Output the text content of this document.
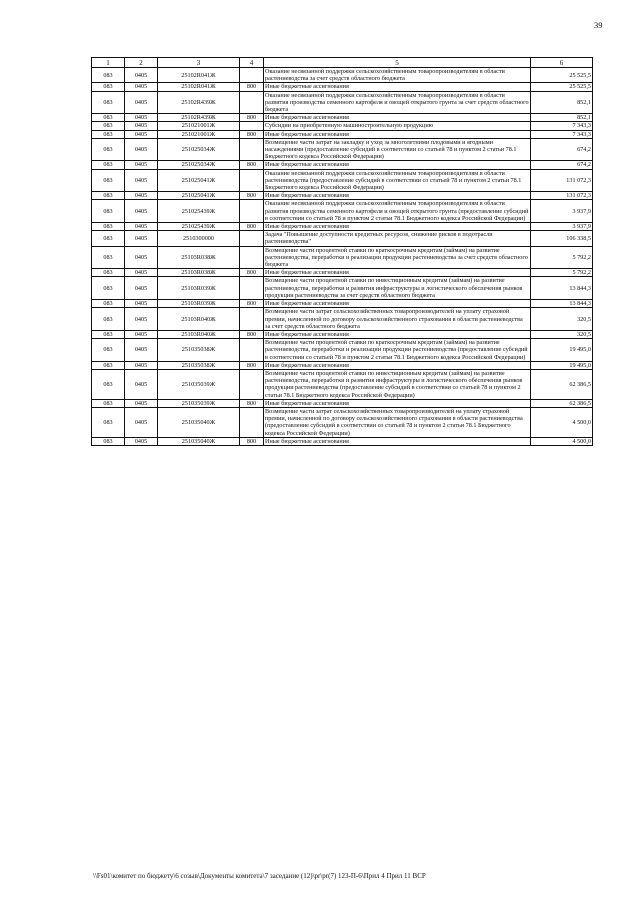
39
1	2	3	4	5	6
083	0405	25102R041Ж		Оказание несвязанной поддержки сельскохозяйственным товаропроизводителям в области растениеводства за счет средств областного бюджета	25 525,5
083	0405	25102R041Ж	800	Иные бюджетные ассигнования	25 525,5
083	0405	25102R439Ж		Оказание несвязанной поддержки сельскохозяйственным товаропроизводителям в области развития производства семенного картофеля и овощей открытого грунта за счет средств областного бюджета	852,1
083	0405	25102R439Ж	800	Иные бюджетные ассигнования	852,1
083	0405	251021001Ж		Субсидии на приобретенную машиностроительную продукцию	7 343,3
083	0405	251021001Ж	800	Иные бюджетные ассигнования	7 343,3
083	0405	251025034Ж		Возмещение части затрат на закладку и уход за многолетними плодовыми и ягодными насаждениями (предоставление субсидий в соответствии со статьей 78 и пунктом 2 статьи 78.1 Бюджетного кодекса Российской Федерации)	674,2
083	0405	251025034Ж	800	Иные бюджетные ассигнования	674,2
083	0405	251025041Ж		Оказание несвязанной поддержки сельскохозяйственным товаропроизводителям в области растениеводства (предоставление субсидий в соответствии со статьей 78 и пунктом 2 статьи 78.1 Бюджетного кодекса Российской Федерации)	131 072,3
083	0405	251025041Ж	800	Иные бюджетные ассигнования	131 072,3
083	0405	251025439Ж		Оказание несвязанной поддержки сельскохозяйственным товаропроизводителям в области развития производства семенного картофеля и овощей открытого грунта (предоставление субсидий в соответствии со статьей 78 и пунктом 2 статьи 78.1 Бюджетного кодекса Российской Федерации)	3 937,9
083	0405	251025439Ж	800	Иные бюджетные ассигнования	3 937,9
083	0405	2510300000		Задача "Повышение доступности кредитных ресурсов, снижение рисков в подотрасли растениеводства"	106 338,5
083	0405	25103R038Ж		Возмещение части процентной ставки по краткосрочным кредитам (займам) на развитие растениеводства, переработки и реализации продукции растениеводства за счет средств областного бюджета	5 792,2
083	0405	25103R038Ж	800	Иные бюджетные ассигнования	5 792,2
083	0405	25103R039Ж		Возмещение части процентной ставки по инвестиционным кредитам (займам) на развитие растениеводства, переработки и развития инфраструктуры и логистического обеспечения рынков продукции растениеводства за счет средств областного бюджета	13 844,3
083	0405	25103R039Ж	800	Иные бюджетные ассигнования	13 844,3
083	0405	25103R040Ж		Возмещение части затрат сельскохозяйственных товаропроизводителей на уплату страховой премии, начисленной по договору сельскохозяйственного страхования в области растениеводства за счет средств областного бюджета	320,5
083	0405	25103R040Ж	800	Иные бюджетные ассигнования	320,5
083	0405	251035038Ж		Возмещение части процентной ставки по краткосрочным кредитам (займам) на развитие растениеводства, переработки и реализации продукции растениеводства (предоставление субсидий в соответствии со статьей 78 и пунктом 2 статьи 78.1 Бюджетного кодекса Российской Федерации)	19 495,0
083	0405	251035038Ж	800	Иные бюджетные ассигнования	19 495,0
083	0405	251035039Ж		Возмещение части процентной ставки по инвестиционным кредитам (займам) на развитие растениеводства, переработки и развития инфраструктуры и логистического обеспечения рынков продукции растениеводства (предоставление субсидий в соответствии со статьей 78 и пунктом 2 статьи 78.1 Бюджетного кодекса Российской Федерации)	62 386,5
083	0405	251035039Ж	800	Иные бюджетные ассигнования	62 386,5
083	0405	251035040Ж		Возмещение части затрат сельскохозяйственных товаропроизводителей на уплату страховой премии, начисленной по договору сельскохозяйственного страхования в области растениеводства (предоставление субсидий в соответствии со статьей 78 и пунктом 2 статьи 78.1 Бюджетного кодекса Российской Федерации)	4 500,0
083	0405	251035040Ж	800	Иные бюджетные ассигнования	4 500,0
\\Fs01\комитет по бюджету\6 созыв\Документы комитета\7 заседание (12)\pr\pr(7) 123-П-6\Прил 4 Прил 11 ВСР
